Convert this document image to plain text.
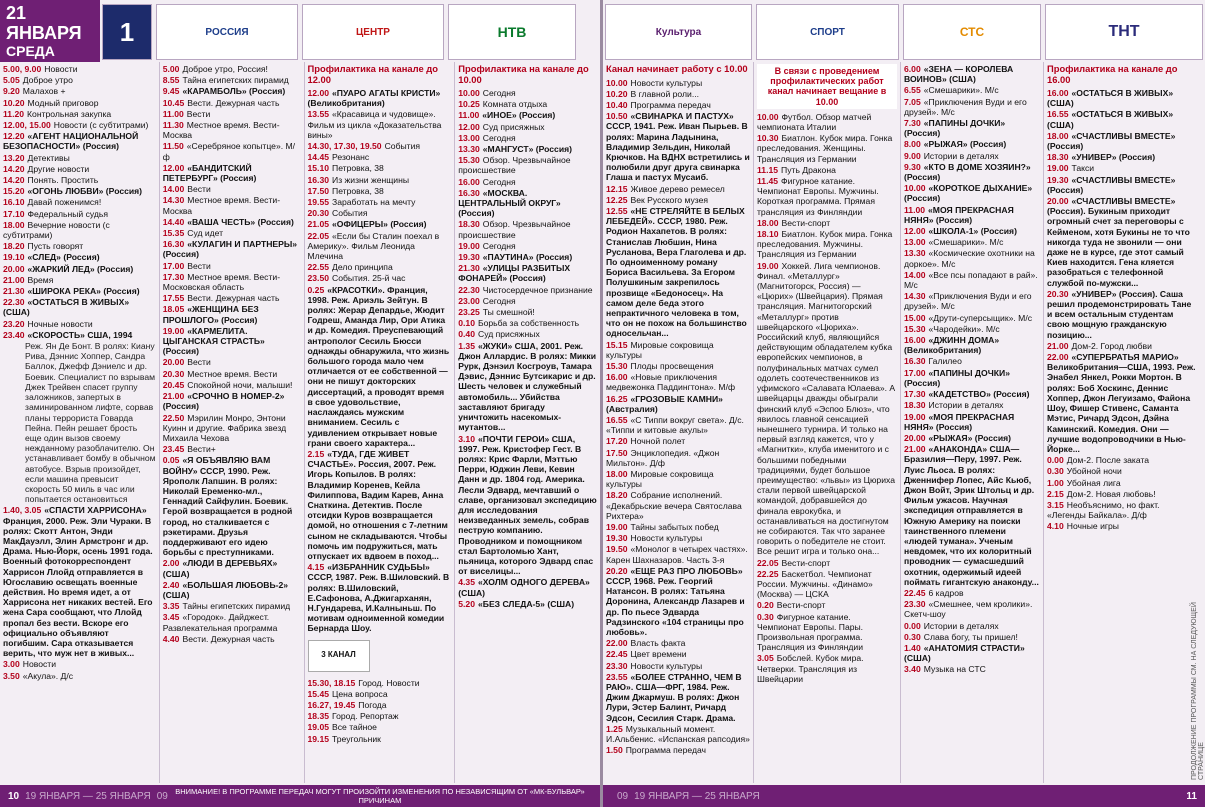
21 ЯНВАРЯ
СРЕДА
1	РОССИЯ	ЦЕНТР	НТВ
5.00, 9.00 Новости
5.05 Доброе утро
9.20 Малахов +
10.20 Модный приговор
11.20 Контрольная закупка
12.00, 15.00 Новости (с субтитрами)
12.20 «АГЕНТ НАЦИОНАЛЬНОЙ БЕЗОПАСНОСТИ» (Россия)
13.20 Детективы
14.20 Другие новости
14.20 Понять. Простить
15.20 «ОГОНЬ ЛЮБВИ» (Россия)
16.10 Давай поженимся!
17.10 Федеральный судья
18.00 Вечерние новости (с субтитрами)
18.20 Пусть говорят
19.10 «СЛЕД» (Россия)
20.00 «ЖАРКИЙ ЛЕД» (Россия)
21.00 Время
21.30 «ШИРОКА РЕКА» (Россия)
22.30 «ОСТАТЬСЯ В ЖИВЫХ» (США)
23.20 Ночные новости
23.40 «СКОРОСТЬ» США, 1994
Реж. Ян Де Бонт. В ролях: Киану Рива, Дэннис Хоппер, Сандра Баллок, Джефф Дэниелс и др. Боевик. Специалист по взрывам Джек Трейвен спасет группу заложников, запертых в заминированном лифте, сорвав планы террориста Говарда Пейна. Пейн решает брость еще один вызов своему нежданному разоблачителю. Он устанавливает бомбу в обычном автобусе. Взрыв произойдет, если машина превысит скорость 50 миль в час или попытается остановиться
1.40, 3.05 «СПАСТИ ХАРРИСОНА» Франция, 2000. Реж. Эли Чураки. В ролях: Скотт Антон, Энди МакДауэлл, Элин Армстронг и др. Драма. Нью-Йорк, осень 1991 года. Военный фотокорреспондент Харрисон Ллойд отправляется в Югославию освещать военные действия. Но время идет, а от Харрисона нет никаких вестей. Его жена Сара сообщают, что Ллойд пропал без вести. Вскоре его официально объявляют погибшим. Сара отказывается верить, что муж нет в живых...
3.00 Новости
3.50 «Акула». Д/с
5.00 Доброе утро, Россия!
8.55 Тайна египетских пирамид
9.45 «КАРАМБОЛЬ» (Россия)
10.45 Вести. Дежурная часть
11.00 Вести
11.30 Местное время. Вести-Москва
11.50 «Серебряное копытце». М/ф
12.00 «БАНДИТСКИЙ ПЕТЕРБУРГ» (Россия)
14.00 Вести
14.30 Местное время. Вести-Москва
14.40 «ВАША ЧЕСТЬ» (Россия)
15.35 Суд идет
16.30 «КУЛАГИН И ПАРТНЕРЫ» (Россия)
17.00 Вести
17.30 Местное время. Вести-Московская область
17.55 Вести. Дежурная часть
18.05 «ЖЕНЩИНА БЕЗ ПРОШЛОГО» (Россия)
19.00 «КАРМЕЛИТА. ЦЫГАНСКАЯ СТРАСТЬ» (Россия)
20.00 Вести
20.30 Местное время. Вести
20.45 Спокойной ночи, малыши!
21.00 «СРОЧНО В НОМЕР-2» (Россия)
22.50 Мэрилин Монро, Энтони Куинн и другие. Фабрика звезд Михаила Чехова
23.45 Вести+
0.05 «Я ОБЪЯВЛЯЮ ВАМ ВОЙНУ» СССР, 1990. Реж. Ярополк Лапшин. В ролях: Николай Еременко-мл., Геннадий Сайфулин. Боевик. Герой возвращается в родной город, но сталкивается с рэкетирами. Друзья поддерживают его идею борьбы с преступниками.
2.00 «ЛЮДИ В ДЕРЕВЬЯХ» (США)
2.40 «БОЛЬШАЯ ЛЮБОВЬ-2» (США)
3.35 Тайны египетских пирамид
3.45 «Городок». Дайджест. Развлекательная программа
4.40 Вести. Дежурная часть
Профилактика на канале до 12.00
12.00 «ПУАРО АГАТЫ КРИСТИ» (Великобритания)
13.55 «Красавица и чудовище». Фильм из цикла «Доказательства вины»
14.30, 17.30, 19.50 События
14.45 Резонанс
15.10 Петровка, 38
16.30 Из жизни женщины
17.50 Петровка, 38
19.55 Заработать на мечту
20.30 События
21.05 «ОФИЦЕРЫ» (Россия)
22.05 «Если бы Сталин поехал в Америку». Фильм Леонида Млечина
22.55 Дело принципа
23.50 События. 25-й час
0.25 «КРАСОТКИ». Франция, 1998. Реж. Ариэль Зейтун. В ролях: Жерар Депардье, Жюдит Годреш, Аманда Лир, Ори Атика и др. Комедия. Преуспевающий антрополог Сесиль Бюсси однажды обнаружила, что жизнь большого города мало чем отличается от ее собственной — они не пишут докторских диссертаций, а проводят время в свое удовольствие, наслаждаясь мужским вниманием. Сесиль с удивлением открывает новые грани своего характера...
2.15 «ТУДА, ГДЕ ЖИВЕТ СЧАСТЬЕ». Россия, 2007. Реж. Игорь Копылов. В ролях: Владимир Коренев, Кейла Филиппова, Вадим Карев, Анна Снаткина. Детектив. После отсидки Куров возвращается домой, но отношения с 7-летним сыном не складываются. Чтобы помочь им подружиться, мать отпускает их вдвоем в поход...
4.15 «ИЗБРАННИК СУДЬБЫ» СССР, 1987. Реж. В.Шиловский. В ролях: В.Шиловский, Е.Сафонова, А.Джигарханян, Н.Гундарева, И.Калныньш. По мотивам одноименной комедии Бернарда Шоу.
3 КАНАЛ
15.30, 18.15 Город. Новости
15.45 Цена вопроса
16.27, 19.45 Погода
18.35 Город. Репортаж
19.05 Все тайное
19.15 Треугольник
Профилактика на канале до 10.00
10.00 Сегодня
10.25 Комната отдыха
11.00 «ИНОЕ» (Россия)
12.00 Суд присяжных
13.00 Сегодня
13.30 «МАНГУСТ» (Россия)
15.30 Обзор. Чрезвычайное происшествие
16.00 Сегодня
16.30 «МОСКВА. ЦЕНТРАЛЬНЫЙ ОКРУГ» (Россия)
18.30 Обзор. Чрезвычайное происшествие
19.00 Сегодня
19.30 «ПАУТИНА» (Россия)
21.30 «УЛИЦЫ РАЗБИТЫХ ФОНАРЕЙ» (Россия)
22.30 Чистосердечное признание
23.00 Сегодня
23.25 Ты смешной!
0.10 Борьба за собственность
0.40 Суд присяжных
1.35 «ЖУКИ» США, 2001. Реж. Джон Аллардис. В ролях: Микки Рурк, Дэнэил Косгроув, Тамара Дэвис, Дэннис Бутсикарис и др. Шесть человек и служебный автомобиль... Убийства заставляют бригаду уничтожить насекомых-мутантов...
3.10 «ПОЧТИ ГЕРОИ» США, 1997. Реж. Кристофер Гест. В ролях: Крис Фарли, Мэттью Перри, Юджин Леви, Кевин Данн и др. 1804 год. Америка. Леcли Эдвард, мечтавший о славе, организовал экспедицию для исследования неизведанных земель, собрав пеструю компанию. Проводником и помощником стал Бартоломью Хант, пьяница, которого Эдвард спас от виселицы...
4.35 «ХОЛМ ОДНОГО ДЕРЕВА» (США)
5.20 «БЕЗ СЛЕДА-5» (США)
10 19 ЯНВАРЯ — 25 ЯНВАРЯ 09 ВНИМАНИЕ! В ПРОГРАММЕ ПЕРЕДАЧ МОГУТ ПРОИЗОЙТИ ИЗМЕНЕНИЯ ПО НЕЗАВИСЯЩИМ ОТ «МК-БУЛЬВАР» ПРИЧИНАМ
Культура	СПОРТ	СТС	ТНТ
Канал начинает работу с 10.00
10.00 Новости культуры
10.20 В главной роли...
10.40 Программа передач
10.50 «СВИНАРКА И ПАСТУХ» СССР, 1941. Реж. Иван Пырьев. В ролях: Марина Ладынина, Владимир Зельдин, Николай Крючков. На ВДНХ встретились и полюбили друг друга свинарка Глаша и пастух Мусаиб.
12.15 Живое дерево ремесел
12.25 Век Русского музея
12.55 «НЕ СТРЕЛЯЙТЕ В БЕЛЫХ ЛЕБЕДЕЙ». СССР, 1980. Реж. Родион Нахапетов. В ролях: Станислав Любшин, Нина Русланова, Вера Глаголева и др. По одноименному роману Бориса Васильева. За Егором Полушкиным закрепилось прозвище «Бедоносец». На самом деле беда этого непрактичного человека в том, что он не похож на большинство односельчан...
15.15 Мировые сокровища культуры
15.30 Плоды просвещения
16.00 «Новые приключения медвежонка Паддингтона». М/ф
16.25 «ГРОЗОВЫЕ КАМНИ» (Австралия)
16.55 «С Типпи вокруг света». Д/с. «Типпи и китовые акулы»
17.20 Ночной полет
17.50 Энциклопедия. «Джон Мильтон». Д/ф
18.00 Мировые сокровища культуры
18.20 Собрание исполнений. «Декабрьские вечера Святослава Рихтера»
19.00 Тайны забытых побед
19.30 Новости культуры
19.50 «Монолог в четырех частях». Карен Шахназаров. Часть 3-я
20.20 «ЕЩЕ РАЗ ПРО ЛЮБОВЬ» СССР, 1968. Реж. Георгий Натансон. В ролях: Татьяна Доронина, Александр Лазарев и др. По пьесе Эдварда Радзинского «104 страницы про любовь».
22.00 Власть факта
22.45 Цвет времени
23.30 Новости культуры
23.55 «БОЛЕЕ СТРАННО, ЧЕМ В РАЮ». США—ФРГ, 1984. Реж. Джим Джармуш. В ролях: Джон Лури, Эстер Балинт, Ричард Эдсон, Сесилия Старк. Драма.
1.25 Музыкальный момент. И.Альбенис. «Испанская рапсодия»
1.50 Программа передач
В связи с проведением профилактических работ канал начинает вещание в 10.00
10.00 Футбол. Обзор матчей чемпионата Италии
10.30 Биатлон. Кубок мира. Гонка преследования. Женщины. Трансляция из Германии
11.15 Путь Дракона
11.45 Фигурное катание. Чемпионат Европы. Мужчины. Короткая программа. Прямая трансляция из Финляндии
18.00 Вести-спорт
18.10 Биатлон. Кубок мира. Гонка преследования. Мужчины. Трансляция из Германии
19.00 Хоккей. Лига чемпионов. Финал. «Металлург» (Магнитогорск, Россия) — «Цюрих» (Швейцария). Прямая трансляция. Магнитогорский «Металлург» против швейцарского «Цюриха». Российский клуб, являющийся действующим обладателем кубка европейских чемпионов, в полуфинальных матчах сумел одолеть соотечественников из уфимского «Салавата Юлаева». А швейцарцы дважды обыграли финский клуб «Эспоо Блюз», что явилось главной сенсацией нынешнего турнира. И только на первый взгляд кажется, что у «Магнитки», клуба именитого и с большими победными традициями, будет большое преимущество: «львы» из Цюриха стали первой швейцарской командой, добравшейся до финала еврокубка, и останавливаться на достигнутом не собираются. Так что заранее говорить о победителе не стоит. Все решит игра и только она...
22.05 Вести-спорт
22.25 Баскетбол. Чемпионат России. Мужчины. «Динамо» (Москва) — ЦСКА
0.20 Вести-спорт
0.30 Фигурное катание. Чемпионат Европы. Пары. Произвольная программа. Трансляция из Финляндии
3.05 Бобслей. Кубок мира. Четверки. Трансляция из Швейцарии
6.00 «ЗЕНА — КОРОЛЕВА ВОИНОВ» (США)
6.55 «Смешарики». М/с
7.05 «Приключения Вуди и его друзей». М/с
7.30 «ПАПИНЫ ДОЧКИ» (Россия)
8.00 «РЫЖАЯ» (Россия)
9.00 Истории в деталях
9.30 «КТО В ДОМЕ ХОЗЯИН?» (Россия)
10.00 «КОРОТКОЕ ДЫХАНИЕ» (Россия)
11.00 «МОЯ ПРЕКРАСНАЯ НЯНЯ» (Россия)
12.00 «ШКОЛА-1» (Россия)
13.00 «Смешарики». М/с
13.30 «Космические охотники на доркое». М/с
14.00 «Все псы попадают в рай». М/с
14.30 «Приключения Вуди и его друзей». М/с
15.00 «Друти-суперсыщик». М/с
15.30 «Чародейки». М/с
16.00 «ДЖИНН ДОМА» (Великобритания)
16.30 Галилео
17.00 «ПАПИНЫ ДОЧКИ» (Россия)
17.30 «КАДЕТСТВО» (Россия)
18.30 Истории в деталях
19.00 «МОЯ ПРЕКРАСНАЯ НЯНЯ» (Россия)
20.00 «РЫЖАЯ» (Россия)
21.00 «АНАКОНДА» США—Бразилия—Перу, 1997. Реж. Луис Льоса. В ролях: Дженнифер Лопес, Айс Кьюб, Джон Войт, Эрик Штольц и др. Фильм ужасов. Научная экспедиция отправляется в Южную Америку на поиски таинственного племени «людей тумана». Ученым невдомек, что их колоритный проводник — сумасшедший охотник, одержимый идеей поймать гигантскую анаконду...
22.45 6 кадров
23.30 «Смешнее, чем кролики». Скетч-шоу
0.00 Истории в деталях
0.30 Слава богу, ты пришел!
1.40 «АНАТОМИЯ СТРАСТИ» (США)
3.40 Музыка на СТС
Профилактика на канале до 16.00
16.00 «ОСТАТЬСЯ В ЖИВЫХ» (США)
16.55 «ОСТАТЬСЯ В ЖИВЫХ» (США)
18.00 «СЧАСТЛИВЫ ВМЕСТЕ» (Россия)
18.30 «УНИВЕР» (Россия)
19.00 Такси
19.30 «СЧАСТЛИВЫ ВМЕСТЕ» (Россия)
20.00 «СЧАСТЛИВЫ ВМЕСТЕ» (Россия). Букиным приходит огромный счет за переговоры с Кейменом, хотя Букины не то что никогда туда не звонили — они даже не в курсе, где этот самый Киев находится. Гена кляется разобраться с телефонной службой по-мужски...
20.30 «УНИВЕР» (Россия). Саша решил продемонстрировать Тане и всем остальным студентам свою мощную гражданскую позицию...
21.00 Дом-2. Город любви
22.00 «СУПЕРБРАТЬЯ МАРИО» Великобритания—США, 1993. Реж. Энабел Янкел, Рокки Мортон. В ролях: Боб Хоскинс, Деннис Хоппер, Джон Легуизамо, Файона Шоу, Фишер Стивенс, Саманта Мэтис, Ричард Эдсон, Дэйна Каминский. Комедия. Они — лучшие водопроводчики в Нью-Йорке...
0.00 Дом-2. После заката
0.30 Убойной ночи
1.00 Убойная лига
2.15 Дом-2. Новая любовь!
3.15 Необъяснимо, но факт. «Легенды Байкала». Д/ф
4.10 Ночные игры
ПРОДОЛЖЕНИЕ ПРОГРАММЫ СМ. НА СЛЕДУЮЩЕЙ СТРАНИЦЕ
09 19 ЯНВАРЯ — 25 ЯНВАРЯ	11
